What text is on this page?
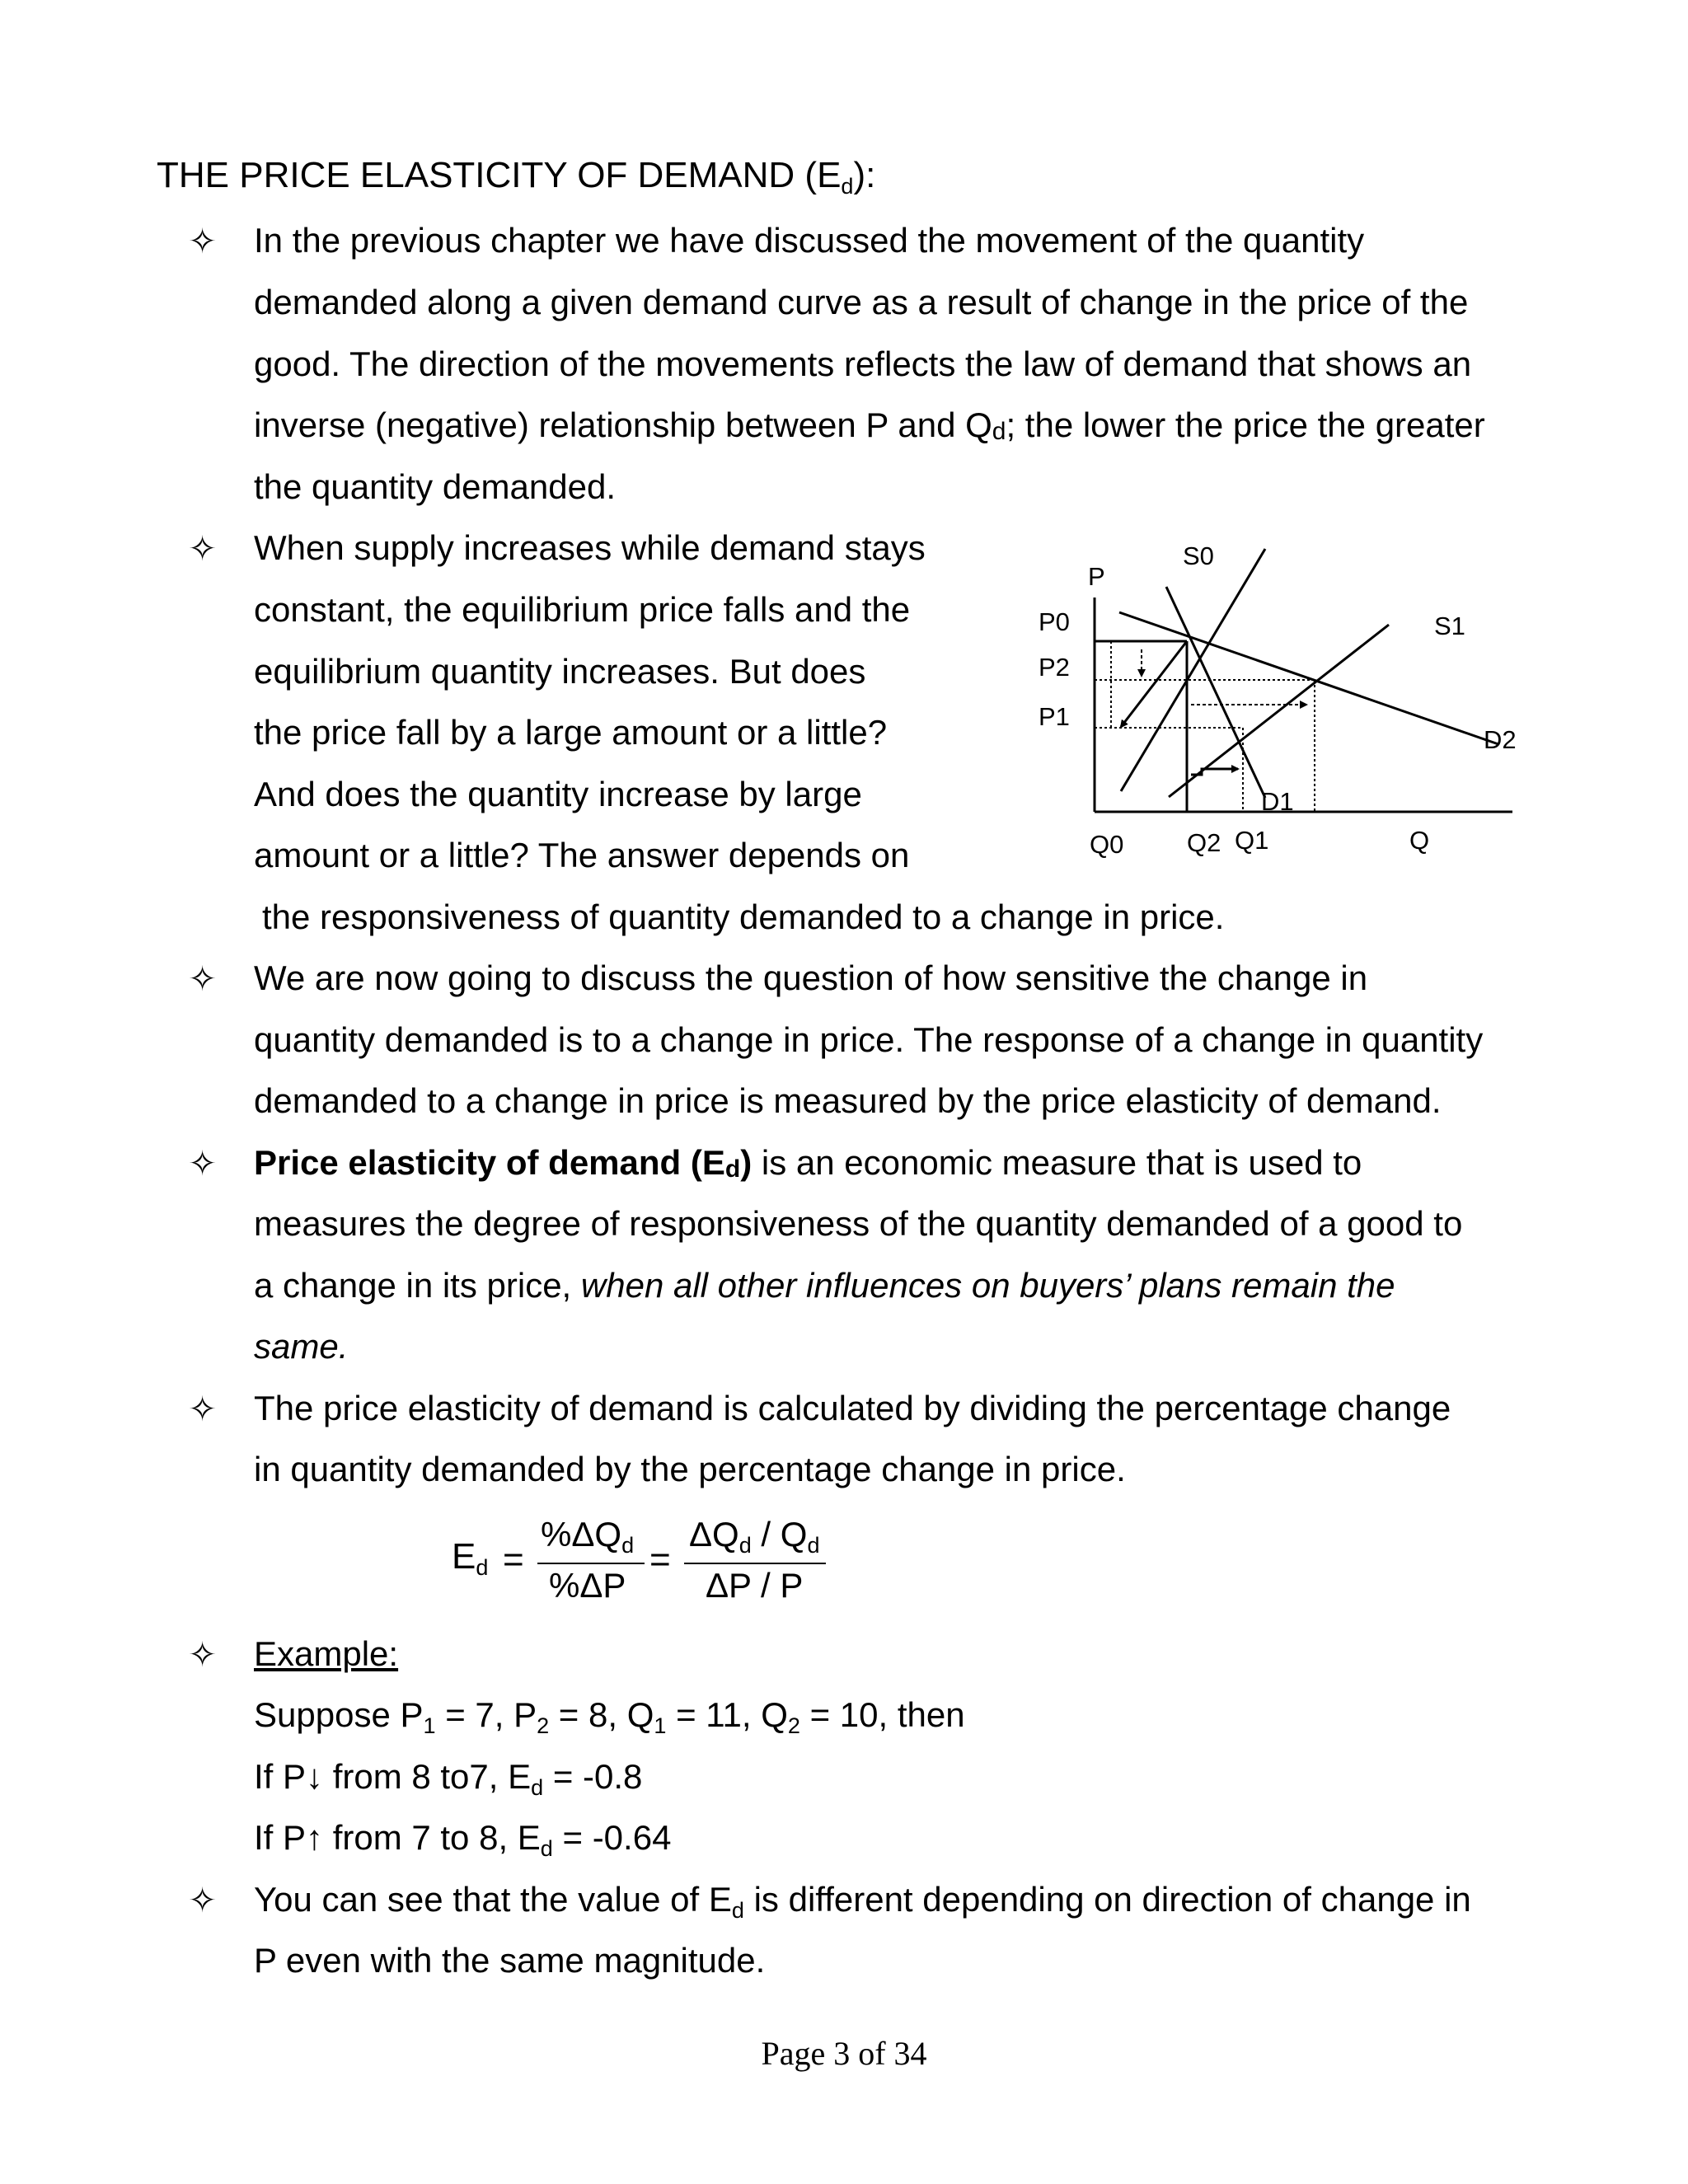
THE PRICE ELASTICITY OF DEMAND $(E_d)$:
✧ In the previous chapter we have discussed the movement of the quantity
demanded along a given demand curve as a result of change in the price of the
good. The direction of the movements reflects the law of demand that shows an
inverse (negative) relationship between P and Qd; the lower the price the greater
the quantity demanded.
✧ When supply increases while demand stays
constant, the equilibrium price falls and the
equilibrium quantity increases. But does
the price fall by a large amount or a little?
And does the quantity increase by large
amount or a little? The answer depends on
the responsiveness of quantity demanded to a change in price.
P
P0
P2
P1
S0
S1
D2
D1
Q0 Q2 Q1	Q
✧ We are now going to discuss the question of how sensitive the change in
quantity demanded is to a change in price. The response of a change in quantity
demanded to a change in price is measured by the price elasticity of demand.
✧ Price elasticity of demand (Ed) is an economic measure that is used to
measures the degree of responsiveness of the quantity demanded of a good to
a change in its price, when all other influences on buyers’ plans remain the
same.
✧ The price elasticity of demand is calculated by dividing the percentage change
in quantity demanded by the percentage change in price.
$E_d$ =
$\%\Delta Q_d$
%ΔP
=
$\Delta Q_d / Q_d$
ΔP / P
✧ Example:
Suppose $P_1 = 7$, $P_2 = 8$, $Q_1 = 11$, $Q_2 = 10$, then
If P↓ from 8 to7, $E_d = -0.8$
If P↑ from 7 to 8, $E_d = -0.64$
✧ You can see that the value of $E_d$ is different depending on direction of change in
P even with the same magnitude.
Page 3 of 34
